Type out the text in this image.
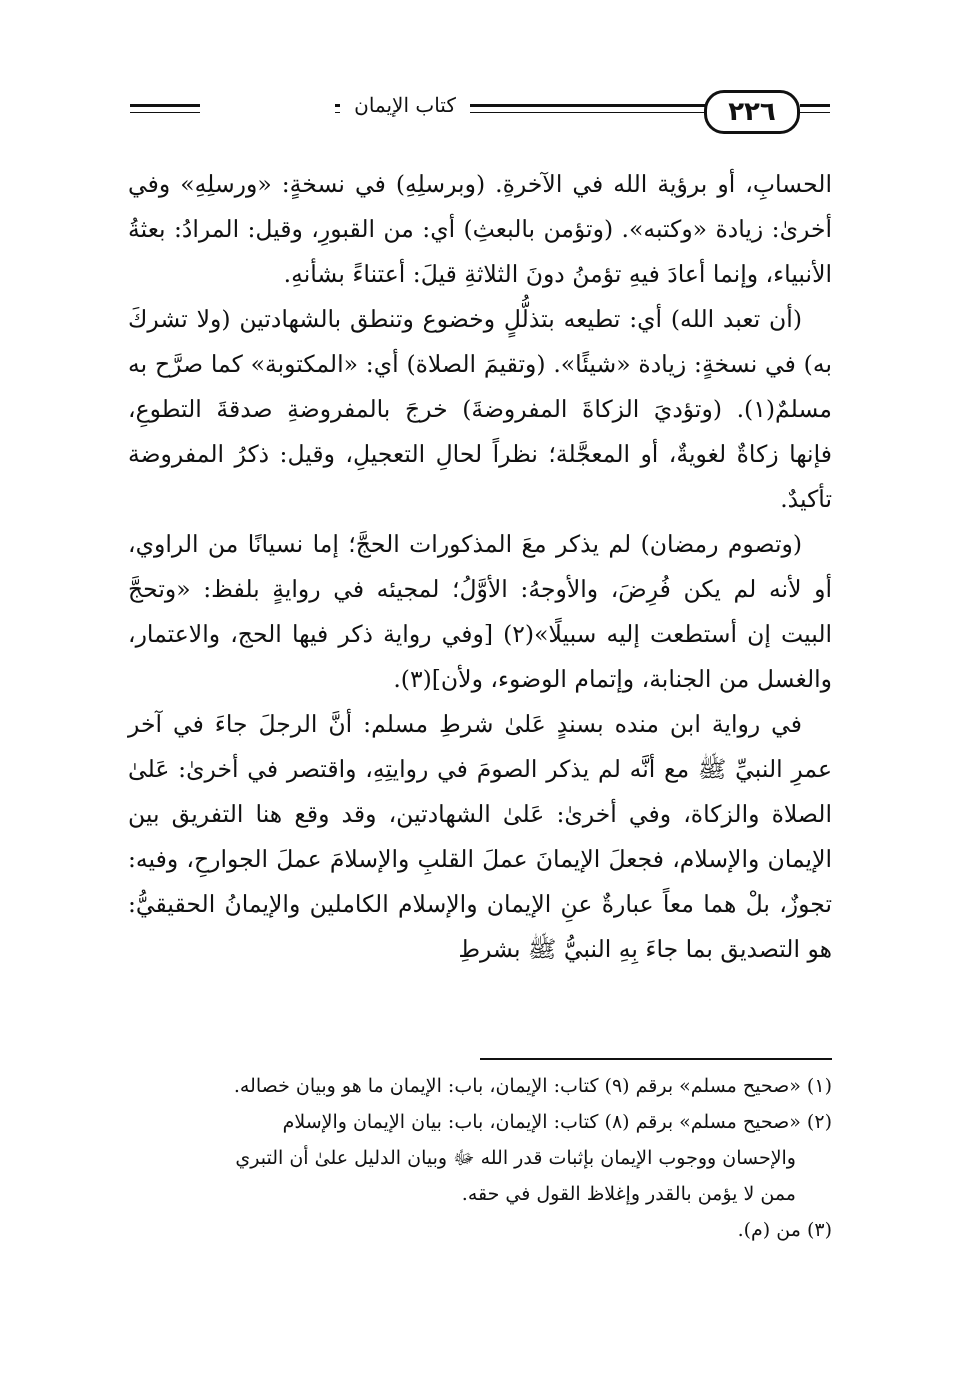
كتاب الإيمان	٢٢٦

الحسابِ، أو برؤية الله في الآخرةِ. (وبرسلِهِ) في نسخةٍ: «ورسلِهِ» وفي أخرىٰ: زيادة «وكتبه». (وتؤمن بالبعثِ) أي: من القبورِ، وقيل: المرادُ: بعثةُ الأنبياء، وإنما أعادَ فيهِ تؤمنُ دونَ الثلاثةِ قيلَ: أعتناءً بشأنهِ.

(أن تعبد الله) أي: تطيعه بتذلُّلٍ وخضوع وتنطق بالشهادتين (ولا تشركَ به) في نسخةٍ: زيادة «شيئًا». (وتقيمَ الصلاة) أي: «المكتوبة» كما صرَّح به مسلمٌ(١). (وتؤديَ الزكاةَ المفروضةَ) خرجَ بالمفروضةِ صدقةَ التطوعِ، فإنها زكاةٌ لغويةٌ، أو المعجَّلة؛ نظراً لحالِ التعجيلِ، وقيل: ذكرُ المفروضة تأكيدٌ.

(وتصوم رمضان) لم يذكر معَ المذكورات الحجَّ؛ إما نسيانًا من الراوي، أو لأنه لم يكن فُرِضَ، والأوجهُ: الأوَّلُ؛ لمجيئه في روايةٍ بلفظ: «وتحجَّ البيت إن أستطعت إليه سبيلًا»(٢) [وفي رواية ذكر فيها الحج، والاعتمار، والغسل من الجنابة، وإتمام الوضوء، ولأن](٣).

في رواية ابن منده بسندٍ عَلىٰ شرطِ مسلم: أنَّ الرجلَ جاءَ في آخر عمرِ النبيِّ ﷺ مع أنَّه لم يذكر الصومَ في روايتِهِ، واقتصر في أخرىٰ: عَلىٰ الصلاة والزكاة، وفي أخرىٰ: عَلىٰ الشهادتين، وقد وقع هنا التفريق بين الإيمان والإسلام، فجعلَ الإيمانَ عملَ القلبِ والإسلامَ عملَ الجوارحِ، وفيه: تجوزٌ، بلْ هما معاً عبارةٌ عنِ الإيمان والإسلام الكاملين والإيمانُ الحقيقيُّ: هو التصديق بما جاءَ بِهِ النبيُّ ﷺ بشرطِ

(١) «صحيح مسلم» برقم (٩) كتاب: الإيمان، باب: الإيمان ما هو وبيان خصاله.

(٢) «صحيح مسلم» برقم (٨) كتاب: الإيمان، باب: بيان الإيمان والإسلام

والإحسان ووجوب الإيمان بإثبات قدر الله ﷻ وبيان الدليل علىٰ أن التبري

ممن لا يؤمن بالقدر وإغلاظ القول في حقه.

(٣) من (م).
